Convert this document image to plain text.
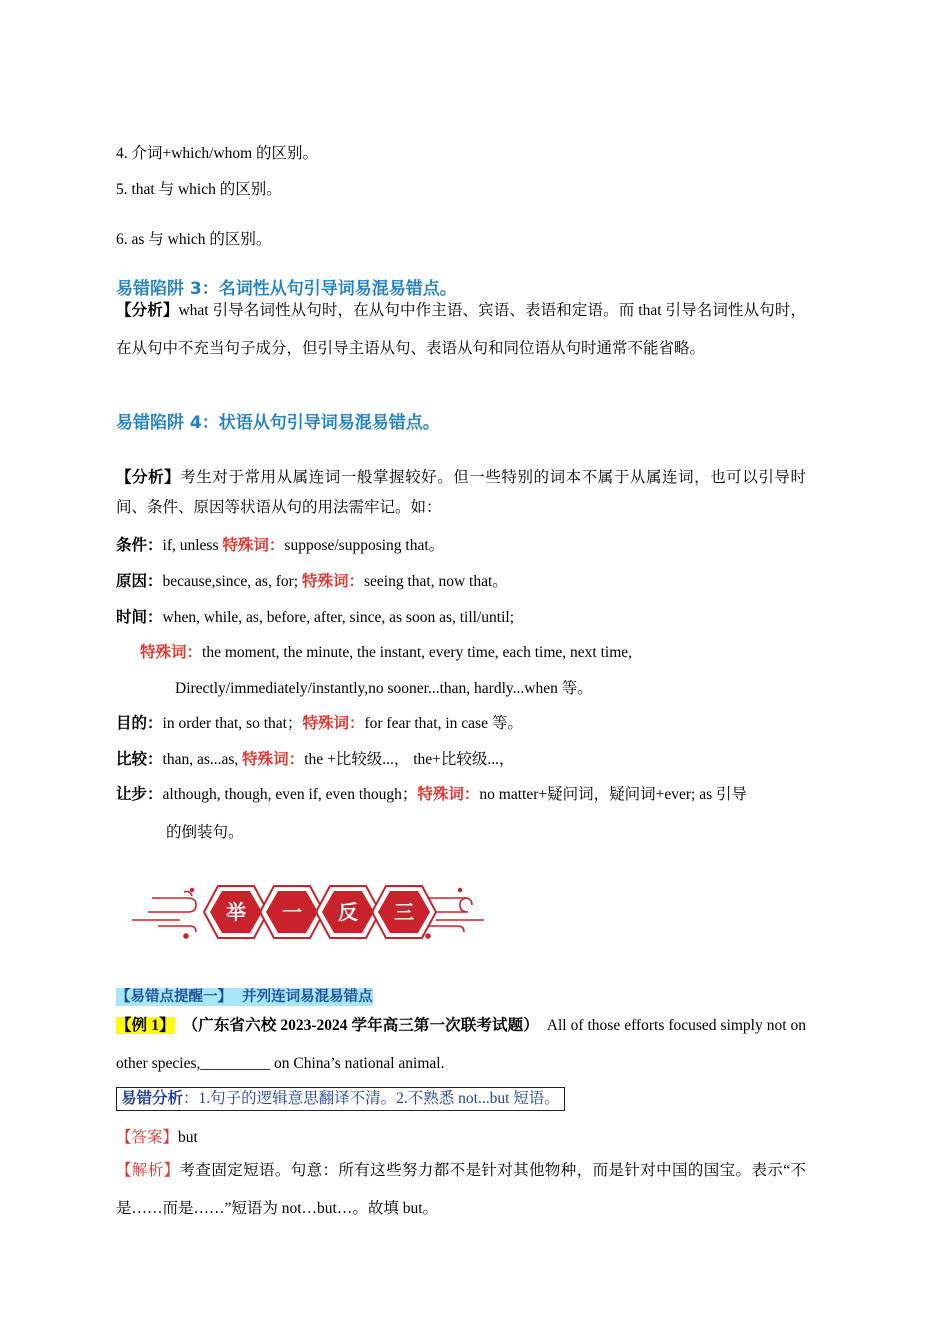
4. 介词+which/whom 的区别。
5. that 与 which 的区别。
6. as 与 which 的区别。
易错陷阱 3：名词性从句引导词易混易错点。
【分析】what 引导名词性从句时，在从句中作主语、宾语、表语和定语。而 that 引导名词性从句时，在从句中不充当句子成分，但引导主语从句、表语从句和同位语从句时通常不能省略。
易错陷阱 4：状语从句引导词易混易错点。
【分析】考生对于常用从属连词一般掌握较好。但一些特别的词本不属于从属连词，也可以引导时间、条件、原因等状语从句的用法需牢记。如：
条件：if, unless 特殊词：suppose/supposing that。
原因：because,since, as, for; 特殊词：seeing that, now that。
时间：when, while, as, before, after, since, as soon as, till/until;
特殊词：the moment, the minute, the instant, every time, each time, next time,
Directly/immediately/instantly,no sooner...than, hardly...when 等。
目的：in order that, so that；特殊词：for fear that, in case 等。
比较：than, as...as, 特殊词：the +比较级...， the+比较级...，
让步：although, though, even if, even though；特殊词：no matter+疑问词，疑问词+ever; as 引导
的倒装句。
举 一 反 三
【易错点提醒一】 并列连词易混易错点
【例 1】 （广东省六校 2023-2024 学年高三第一次联考试题） All of those efforts focused simply not on other species,_________ on China’s national animal.
易错分析：1.句子的逻辑意思翻译不清。2.不熟悉 not...but 短语。
【答案】but
【解析】考查固定短语。句意：所有这些努力都不是针对其他物种，而是针对中国的国宝。表示“不是……而是……”短语为 not…but…。故填 but。
